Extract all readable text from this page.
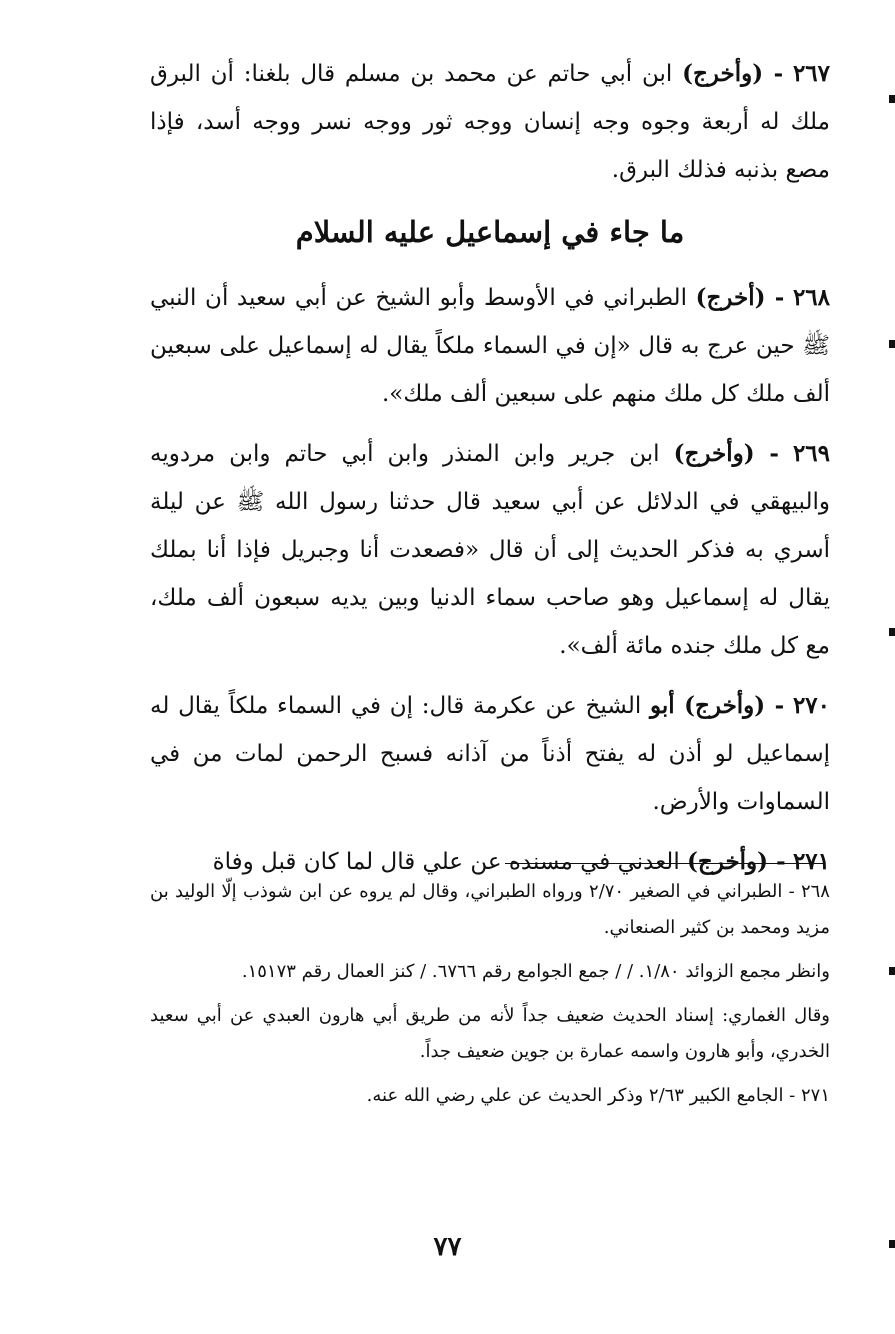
٢٦٧ - (وأخرج) ابن أبي حاتم عن محمد بن مسلم قال بلغنا: أن البرق ملك له أربعة وجوه وجه إنسان ووجه ثور ووجه نسر ووجه أسد، فإذا مصع بذنبه فذلك البرق.

ما جاء في إسماعيل عليه السلام

٢٦٨ - (أخرج) الطبراني في الأوسط وأبو الشيخ عن أبي سعيد أن النبي ﷺ حين عرج به قال «إن في السماء ملكاً يقال له إسماعيل على سبعين ألف ملك كل ملك منهم على سبعين ألف ملك».

٢٦٩ - (وأخرج) ابن جرير وابن المنذر وابن أبي حاتم وابن مردويه والبيهقي في الدلائل عن أبي سعيد قال حدثنا رسول الله ﷺ عن ليلة أسري به فذكر الحديث إلى أن قال «فصعدت أنا وجبريل فإذا أنا بملك يقال له إسماعيل وهو صاحب سماء الدنيا وبين يديه سبعون ألف ملك، مع كل ملك جنده مائة ألف».

٢٧٠ - (وأخرج) أبو الشيخ عن عكرمة قال: إن في السماء ملكاً يقال له إسماعيل لو أذن له يفتح أذناً من آذانه فسبح الرحمن لمات من في السماوات والأرض.

٢٧١ - (وأخرج) العدني في مسنده عن علي قال لما كان قبل وفاة

٢٦٨ - الطبراني في الصغير ٢/٧٠ ورواه الطبراني، وقال لم يروه عن ابن شوذب إلّا الوليد بن مزيد ومحمد بن كثير الصنعاني.

وانظر مجمع الزوائد ١/٨٠. / / جمع الجوامع رقم ٦٧٦٦. / كنز العمال رقم ١٥١٧٣.

وقال الغماري: إسناد الحديث ضعيف جداً لأنه من طريق أبي هارون العبدي عن أبي سعيد الخدري، وأبو هارون واسمه عمارة بن جوين ضعيف جداً.

٢٧١ - الجامع الكبير ٢/٦٣ وذكر الحديث عن علي رضي الله عنه.

٧٧
